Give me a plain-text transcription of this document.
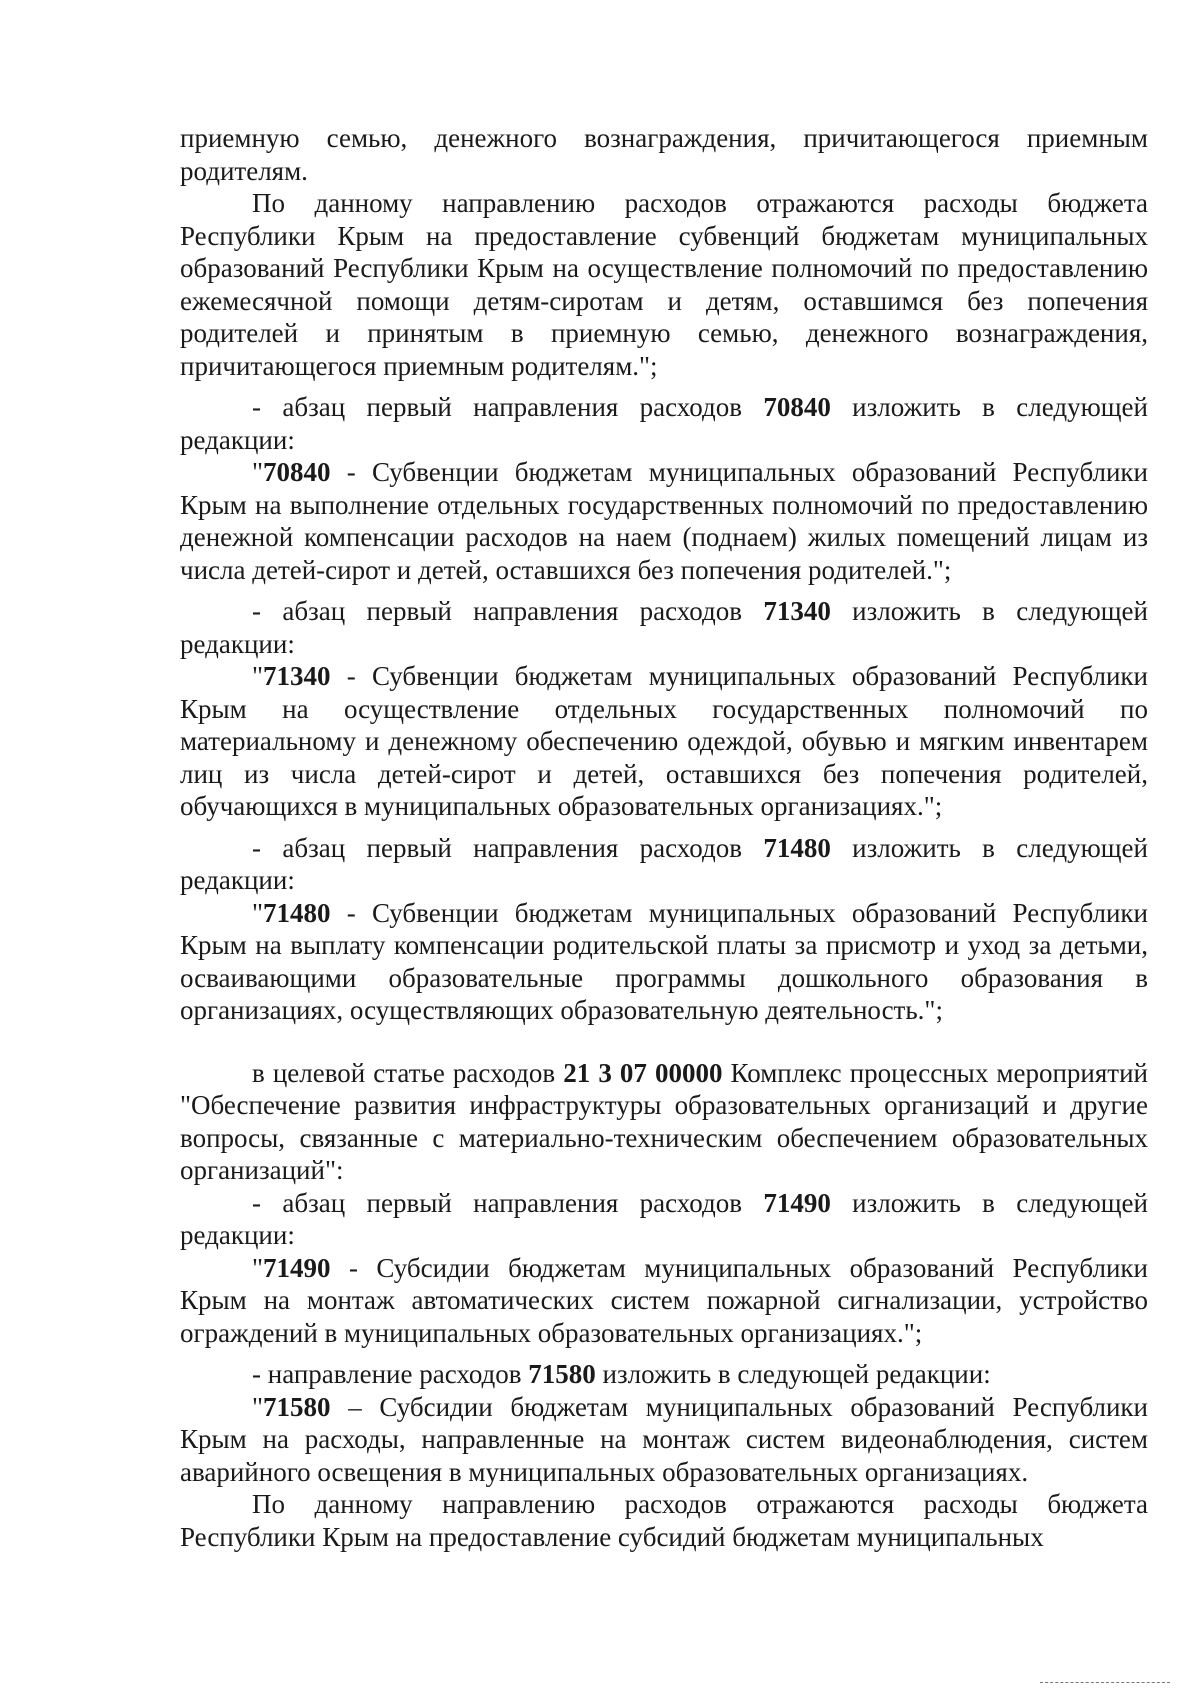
приемную семью, денежного вознаграждения, причитающегося приемным родителям.

По данному направлению расходов отражаются расходы бюджета Республики Крым на предоставление субвенций бюджетам муниципальных образований Республики Крым на осуществление полномочий по предоставлению ежемесячной помощи детям-сиротам и детям, оставшимся без попечения родителей и принятым в приемную семью, денежного вознаграждения, причитающегося приемным родителям.";

- абзац первый направления расходов 70840 изложить в следующей редакции:

"70840 - Субвенции бюджетам муниципальных образований Республики Крым на выполнение отдельных государственных полномочий по предоставлению денежной компенсации расходов на наем (поднаем) жилых помещений лицам из числа детей-сирот и детей, оставшихся без попечения родителей.";

- абзац первый направления расходов 71340 изложить в следующей редакции:

"71340 - Субвенции бюджетам муниципальных образований Республики Крым на осуществление отдельных государственных полномочий по материальному и денежному обеспечению одеждой, обувью и мягким инвентарем лиц из числа детей-сирот и детей, оставшихся без попечения родителей, обучающихся в муниципальных образовательных организациях.";

- абзац первый направления расходов 71480 изложить в следующей редакции:

"71480 - Субвенции бюджетам муниципальных образований Республики Крым на выплату компенсации родительской платы за присмотр и уход за детьми, осваивающими образовательные программы дошкольного образования в организациях, осуществляющих образовательную деятельность.";

в целевой статье расходов 21 3 07 00000 Комплекс процессных мероприятий "Обеспечение развития инфраструктуры образовательных организаций и другие вопросы, связанные с материально-техническим обеспечением образовательных организаций":

- абзац первый направления расходов 71490 изложить в следующей редакции:

"71490 - Субсидии бюджетам муниципальных образований Республики Крым на монтаж автоматических систем пожарной сигнализации, устройство ограждений в муниципальных образовательных организациях.";

- направление расходов 71580 изложить в следующей редакции:

"71580 – Субсидии бюджетам муниципальных образований Республики Крым на расходы, направленные на монтаж систем видеонаблюдения, систем аварийного освещения в муниципальных образовательных организациях.

По данному направлению расходов отражаются расходы бюджета Республики Крым на предоставление субсидий бюджетам муниципальных
